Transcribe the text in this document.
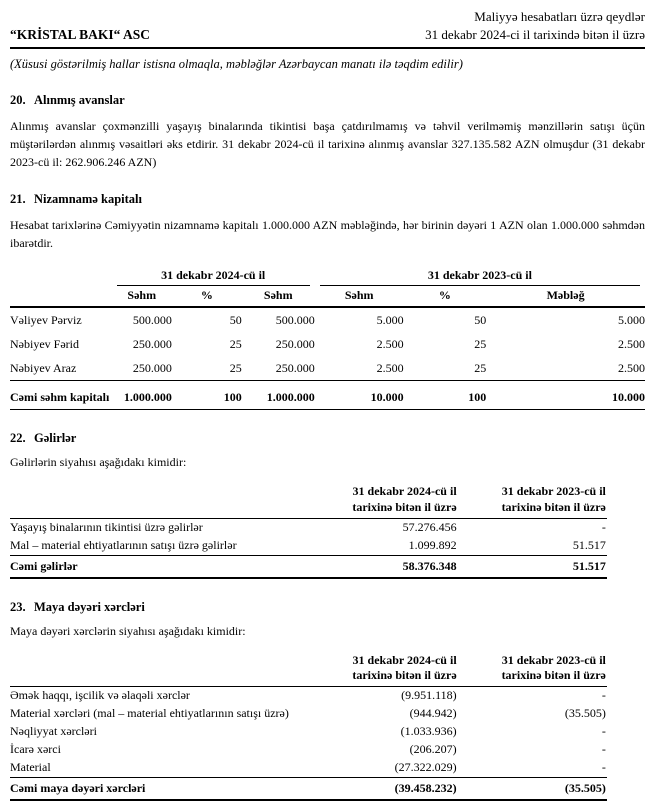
“KRİSTAL BAKI“ ASC
Maliyyə hesabatları üzrə qeydlər
31 dekabr 2024-ci il tarixində bitən il üzrə
(Xüsusi göstərilmiş hallar istisna olmaqla, məbləğlər Azərbaycan manatı ilə təqdim edilir)
20. Alınmış avanslar
Alınmış avanslar çoxmənzilli yaşayış binalarında tikintisi başa çatdırılmamış və təhvil verilməmiş mənzillərin satışı üçün müştərilərdən alınmış vəsaitləri əks etdirir. 31 dekabr 2024-cü il tarixinə alınmış avanslar 327.135.582 AZN olmuşdur (31 dekabr 2023-cü il: 262.906.246 AZN)
21. Nizamnamə kapitalı
Hesabat tarixlərinə Cəmiyyətin nizamnamə kapitalı 1.000.000 AZN məbləğində, hər birinin dəyəri 1 AZN olan 1.000.000 səhmdən ibarətdir.

	31 dekabr 2024-cü il			31 dekabr 2023-cü il		

	Səhm	%	Səhm	Səhm	%	Məbləğ
Vəliyev Pərviz	500.000	50	500.000	5.000	50	5.000
Nəbiyev Fərid	250.000	25	250.000	2.500	25	2.500
Nəbiyev Araz	250.000	25	250.000	2.500	25	2.500
Cəmi səhm kapitalı	1.000.000	100	1.000.000	10.000	100	10.000
22. Gəlirlər
Gəlirlərin siyahısı aşağıdakı kimidir:

31 dekabr 2024-cü il
tarixinə bitən il üzrə

31 dekabr 2023-cü il
tarixinə bitən il üzrə

Yaşayış binalarının tikintisi üzrə gəlirlər	57.276.456	-
Mal – material ehtiyatlarının satışı üzrə gəlirlər	1.099.892	51.517
Cəmi gəlirlər	58.376.348	51.517
23. Maya dəyəri xərcləri
Maya dəyəri xərclərin siyahısı aşağıdakı kimidir:

31 dekabr 2024-cü il
tarixinə bitən il üzrə

31 dekabr 2023-cü il
tarixinə bitən il üzrə

Əmək haqqı, işcilik və əlaqəli xərclər	(9.951.118)	-
Material xərcləri (mal – material ehtiyatlarının satışı üzrə)	(944.942)	(35.505)
Nəqliyyat xərcləri	(1.033.936)	-
İcarə xərci	(206.207)	-
Material	(27.322.029)	-
Cəmi maya dəyəri xərcləri	(39.458.232)	(35.505)
